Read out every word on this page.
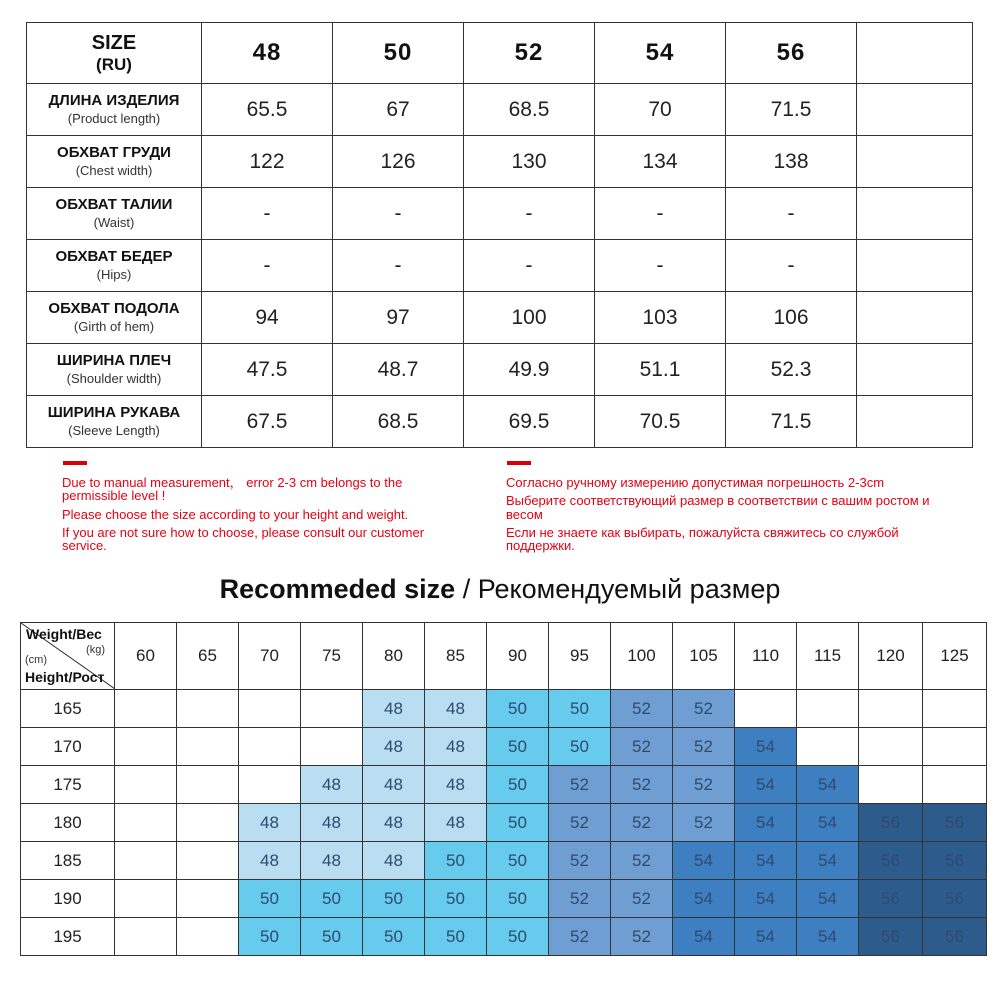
SIZE
(RU)	48	50	52	54	56	

ДЛИНА ИЗДЕЛИЯ
(Product length)	65.5	67	68.5	70	71.5	

ОБХВАТ ГРУДИ
(Chest width)	122	126	130	134	138	

ОБХВАТ ТАЛИИ
(Waist)	-	-	-	-	-	

ОБХВАТ БЕДЕР
(Hips)	-	-	-	-	-	

ОБХВАТ ПОДОЛА
(Girth of hem)	94	97	100	103	106	

ШИРИНА ПЛЕЧ
(Shoulder width)	47.5	48.7	49.9	51.1	52.3	

ШИРИНА РУКАВА
(Sleeve Length)	67.5	68.5	69.5	70.5	71.5	

Due to manual measurement， error 2-3 cm belongs to the permissible level !

Please choose the size according to your height and weight.

If you are not sure how to choose, please consult our customer service.

Согласно ручному измерению допустимая погрешность 2-3cm

Выберите соответствующий размер в соответствии с вашим ростом и весом

Если не знаете как выбирать, пожалуйста свяжитесь со службой поддержки.

Recommeded size / Рекомендуемый размер
Weight/Вес
(kg)
(cm)
Height/Рост	60	65	70	75	80	85	90	95	100	105	110	115	120	125
165					48	48	50	50	52	52				
170					48	48	50	50	52	52	54			
175				48	48	48	50	52	52	52	54	54		
180			48	48	48	48	50	52	52	52	54	54	56	56
185			48	48	48	50	50	52	52	54	54	54	56	56
190			50	50	50	50	50	52	52	54	54	54	56	56
195			50	50	50	50	50	52	52	54	54	54	56	56
